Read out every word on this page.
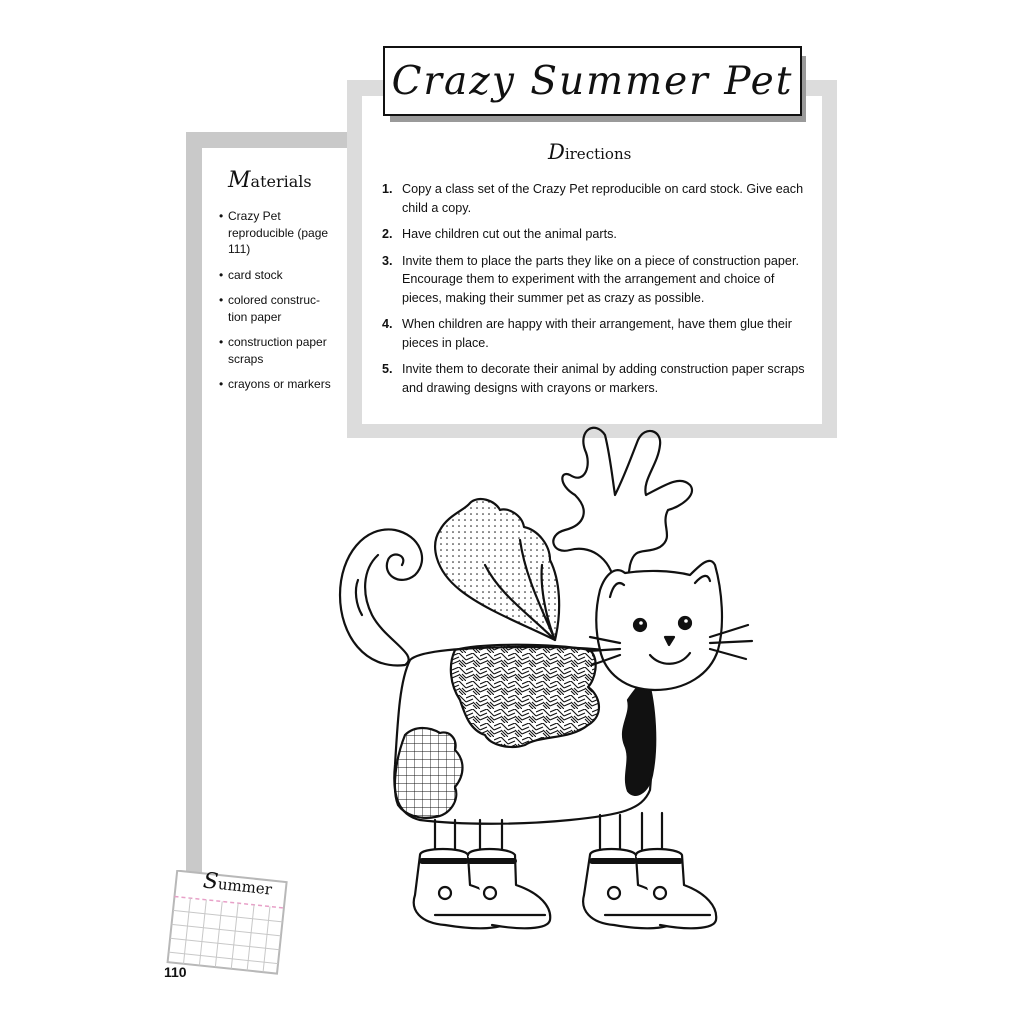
Materials
• Crazy Pet reproducible (page 111)
• card stock
• colored construc-tion paper
• construction paper scraps
• crayons or markers
Directions
1. Copy a class set of the Crazy Pet reproducible on card stock. Give each child a copy.
2. Have children cut out the animal parts.
3. Invite them to place the parts they like on a piece of construction paper. Encourage them to experiment with the arrangement and choice of pieces, making their summer pet as crazy as possible.
4. When children are happy with their arrangement, have them glue their pieces in place.
5. Invite them to decorate their animal by adding construction paper scraps and drawing designs with crayons or markers.
Crazy Summer Pet
Summer
110
